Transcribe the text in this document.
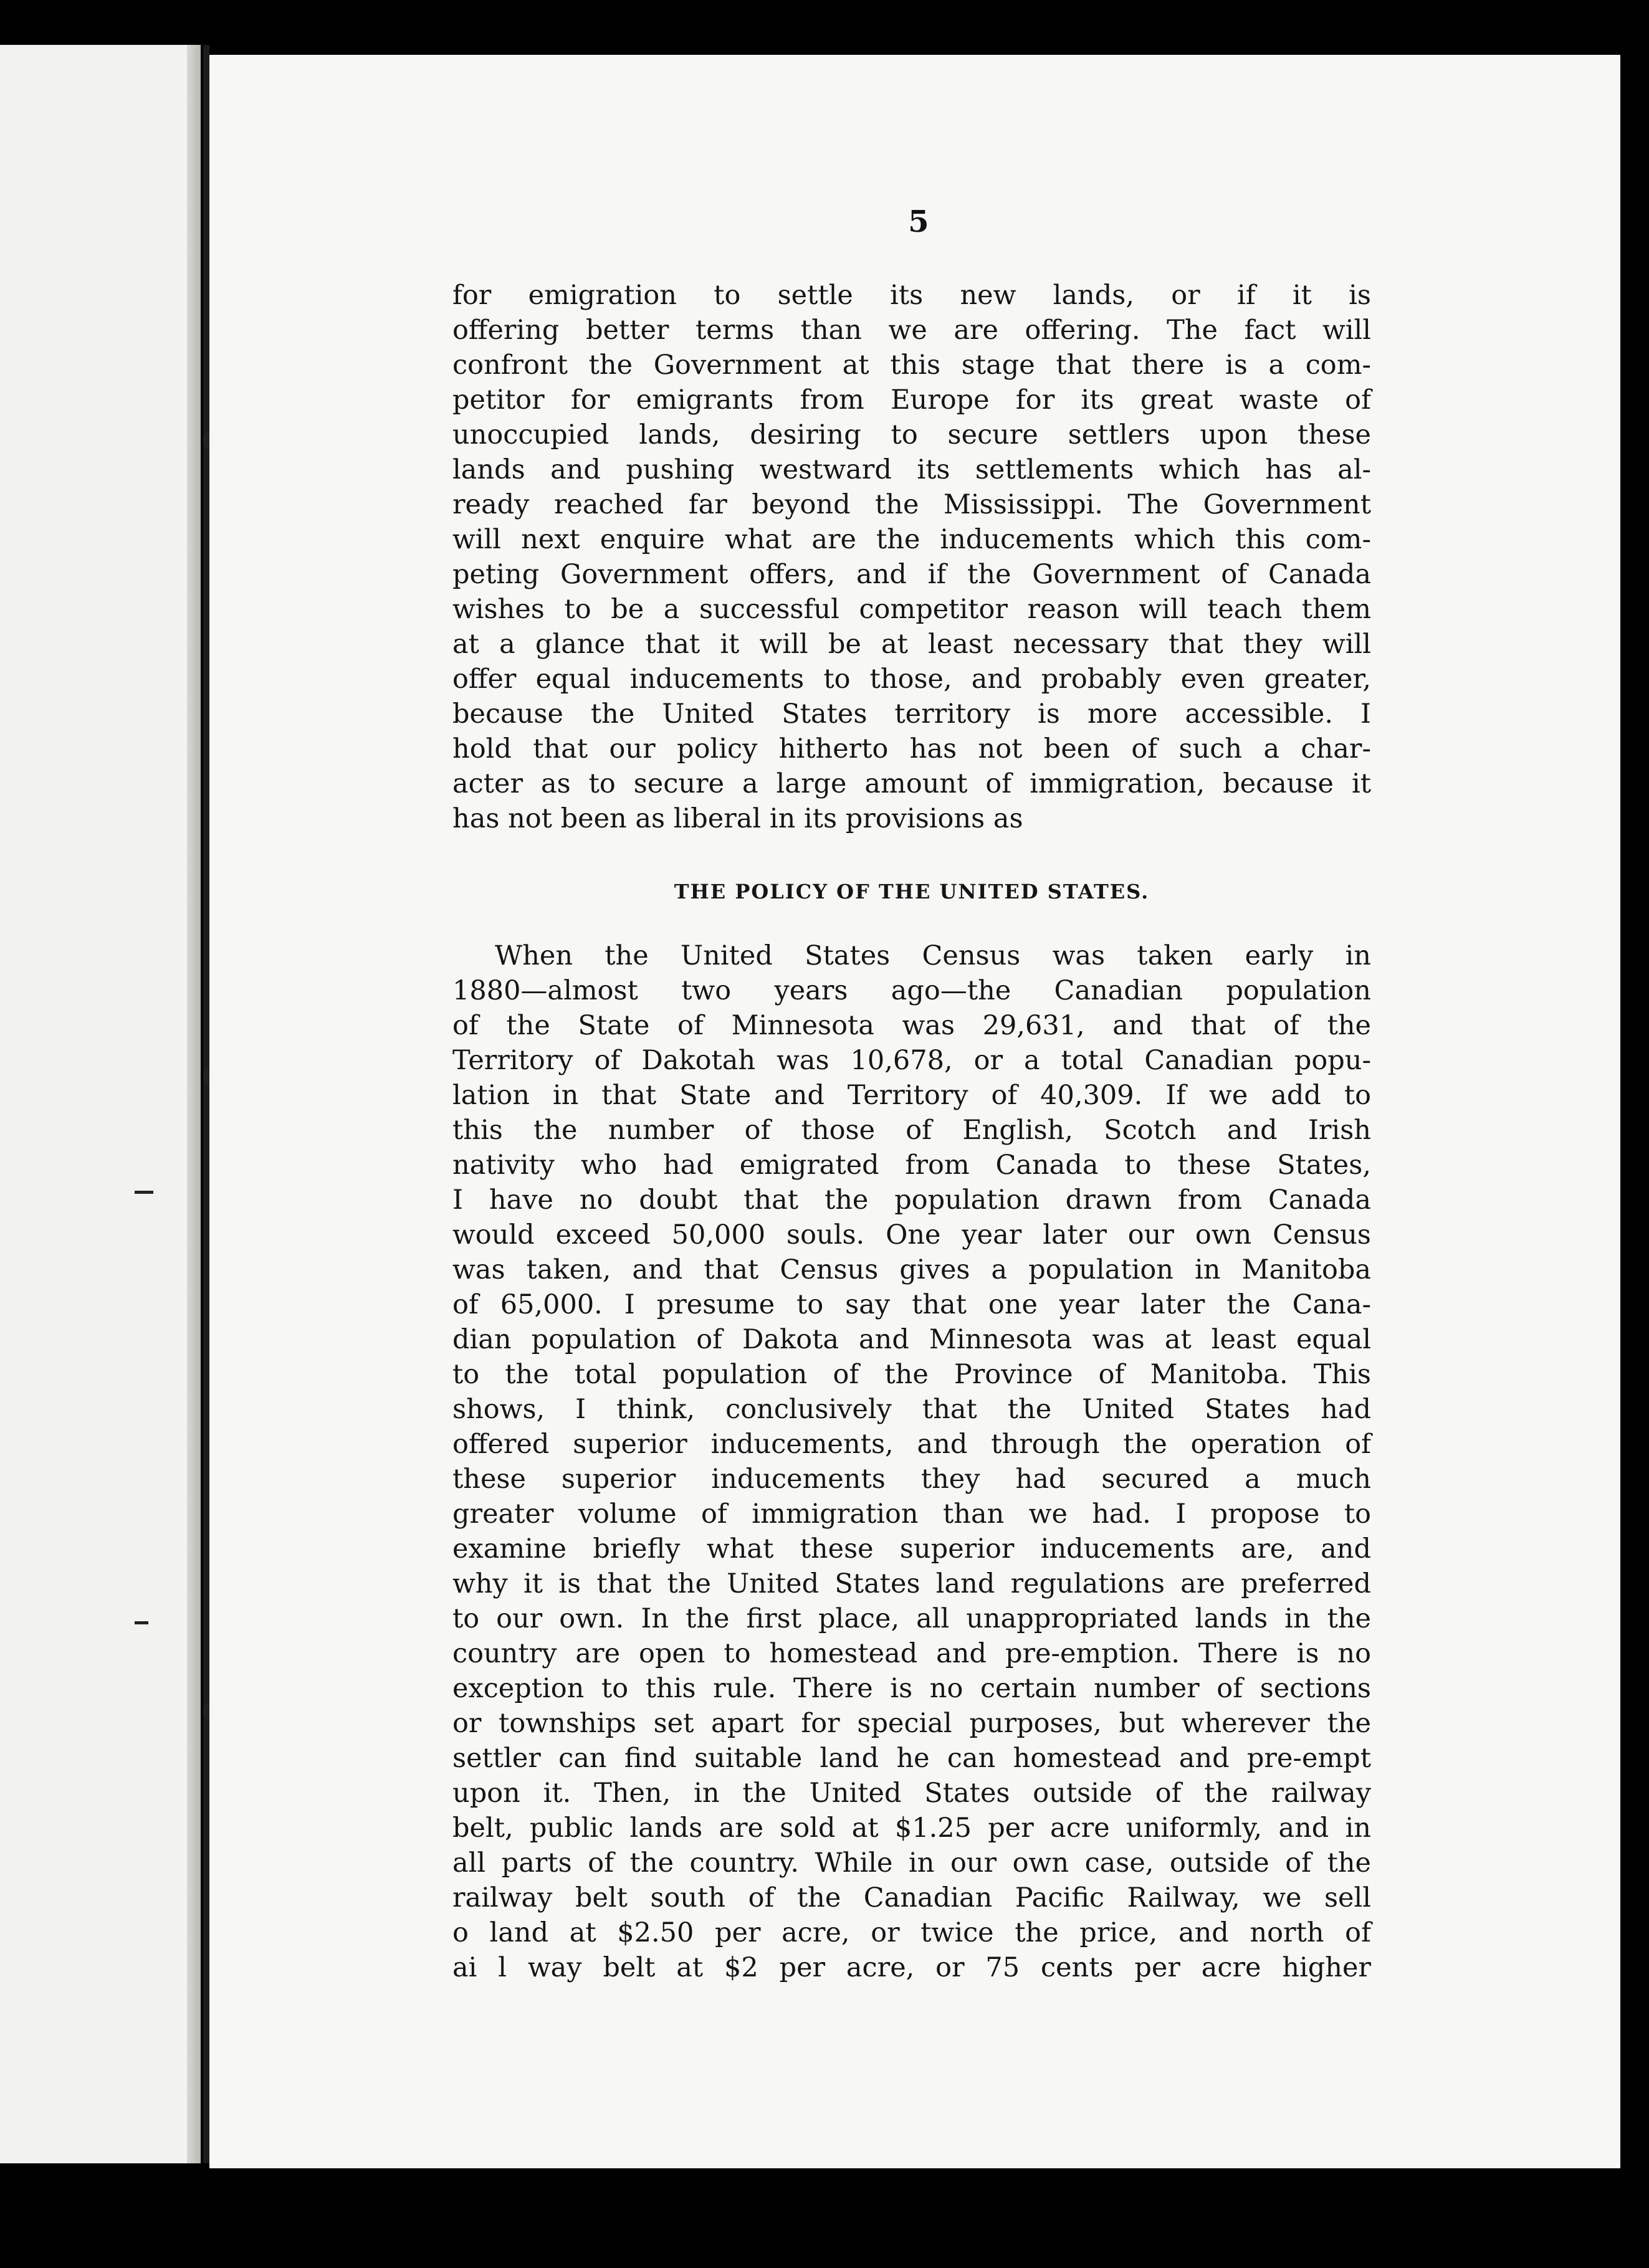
5
for emigration to settle its new lands, or if it is
offering better terms than we are offering. The fact will
confront the Government at this stage that there is a com-
petitor for emigrants from Europe for its great waste of
unoccupied lands, desiring to secure settlers upon these
lands and pushing westward its settlements which has al-
ready reached far beyond the Mississippi. The Government
will next enquire what are the inducements which this com-
peting Government offers, and if the Government of Canada
wishes to be a successful competitor reason will teach them
at a glance that it will be at least necessary that they will
offer equal inducements to those, and probably even greater,
because the United States territory is more accessible. I
hold that our policy hitherto has not been of such a char-
acter as to secure a large amount of immigration, because it
has not been as liberal in its provisions as
THE POLICY OF THE UNITED STATES.
When the United States Census was taken early in
1880—almost two years ago—the Canadian population
of the State of Minnesota was 29,631, and that of the
Territory of Dakotah was 10,678, or a total Canadian popu-
lation in that State and Territory of 40,309. If we add to
this the number of those of English, Scotch and Irish
nativity who had emigrated from Canada to these States,
I have no doubt that the population drawn from Canada
would exceed 50,000 souls. One year later our own Census
was taken, and that Census gives a population in Manitoba
of 65,000. I presume to say that one year later the Cana-
dian population of Dakota and Minnesota was at least equal
to the total population of the Province of Manitoba. This
shows, I think, conclusively that the United States had
offered superior inducements, and through the operation of
these superior inducements they had secured a much
greater volume of immigration than we had. I propose to
examine briefly what these superior inducements are, and
why it is that the United States land regulations are preferred
to our own. In the first place, all unappropriated lands in the
country are open to homestead and pre-emption. There is no
exception to this rule. There is no certain number of sections
or townships set apart for special purposes, but wherever the
settler can find suitable land he can homestead and pre-empt
upon it. Then, in the United States outside of the railway
belt, public lands are sold at $1.25 per acre uniformly, and in
all parts of the country. While in our own case, outside of the
railway belt south of the Canadian Pacific Railway, we sell
o land at $2.50 per acre, or twice the price, and north of
ai l way belt at $2 per acre, or 75 cents per acre higher
